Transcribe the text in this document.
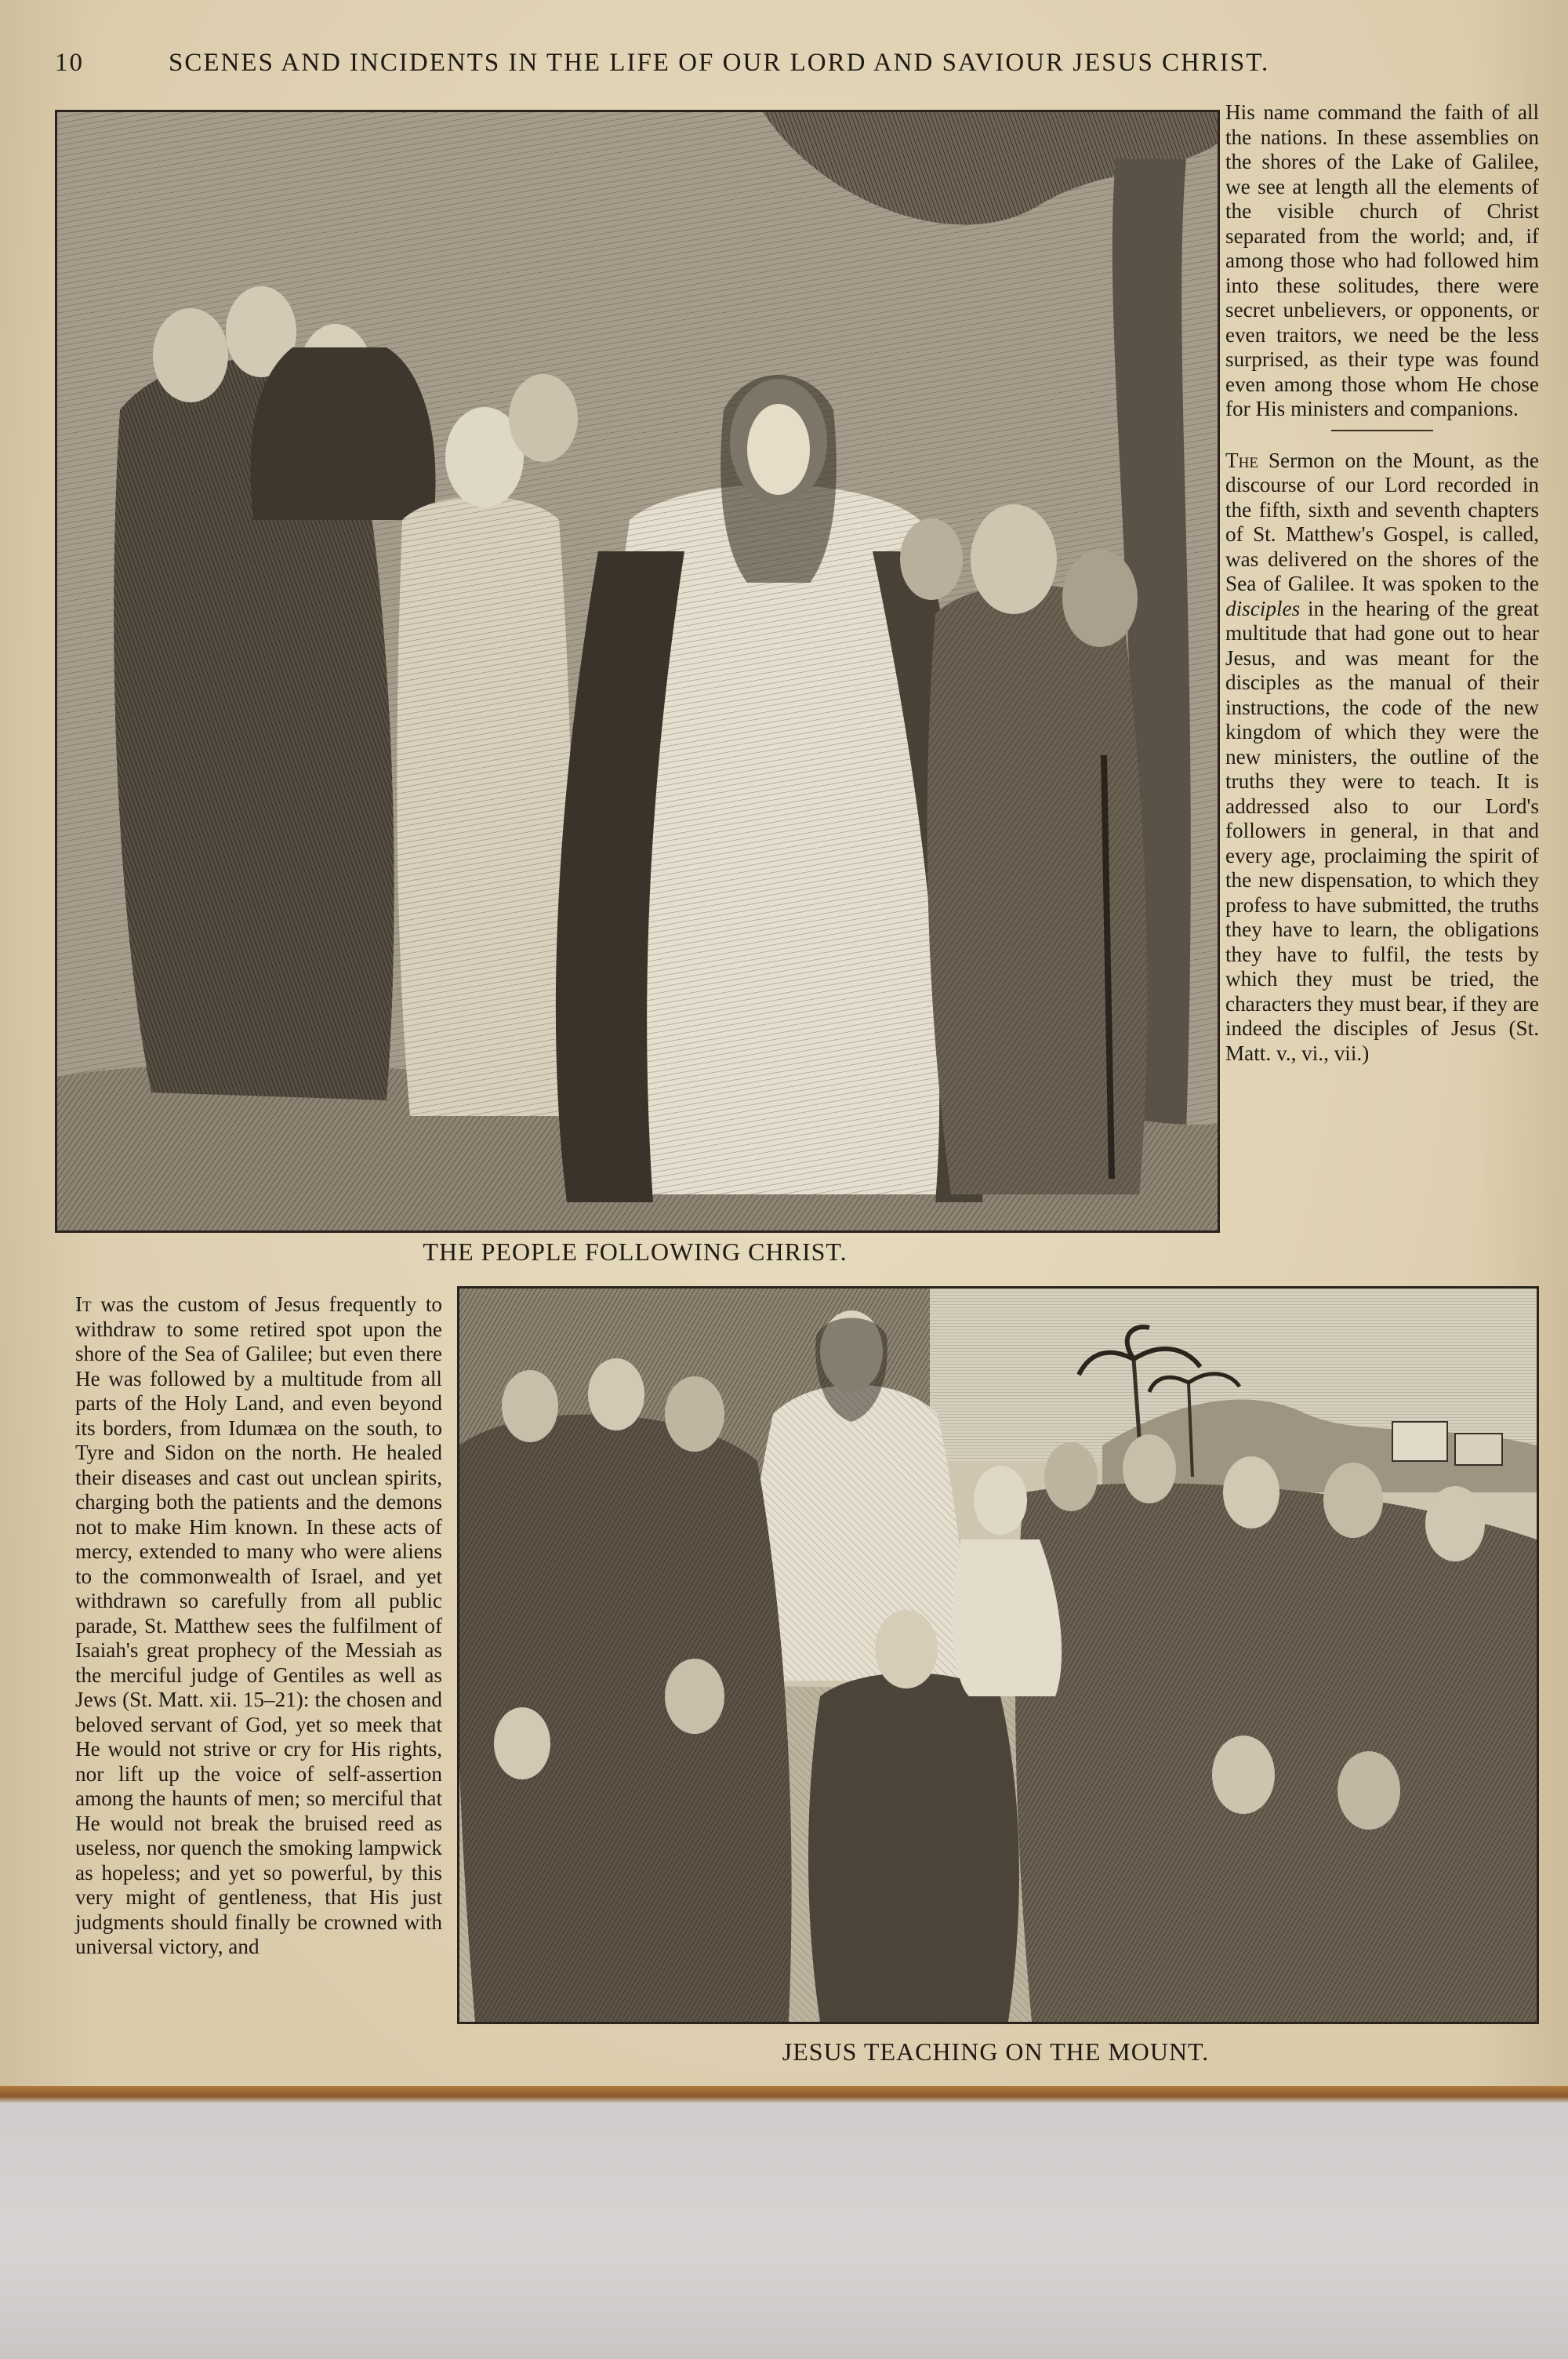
10	SCENES AND INCIDENTS IN THE LIFE OF OUR LORD AND SAVIOUR JESUS CHRIST.
THE PEOPLE FOLLOWING CHRIST.

His name command the faith of all the nations. In these assemblies on the shores of the Lake of Galilee, we see at length all the elements of the visible church of Christ separated from the world; and, if among those who had followed him into these solitudes, there were secret unbelievers, or opponents, or even traitors, we need be the less surprised, as their type was found even among those whom He chose for His ministers and companions.

The Sermon on the Mount, as the discourse of our Lord recorded in the fifth, sixth and seventh chapters of St. Matthew's Gospel, is called, was delivered on the shores of the Sea of Galilee. It was spoken to the disciples in the hearing of the great multitude that had gone out to hear Jesus, and was meant for the disciples as the manual of their instructions, the code of the new kingdom of which they were the new ministers, the outline of the truths they were to teach. It is addressed also to our Lord's followers in general, in that and every age, proclaiming the spirit of the new dispensation, to which they profess to have submitted, the truths they have to learn, the obligations they have to fulfil, the tests by which they must be tried, the characters they must bear, if they are indeed the disciples of Jesus (St. Matt. v., vi., vii.)

It was the custom of Jesus frequently to withdraw to some retired spot upon the shore of the Sea of Galilee; but even there He was followed by a multitude from all parts of the Holy Land, and even beyond its borders, from Idumæa on the south, to Tyre and Sidon on the north. He healed their diseases and cast out unclean spirits, charging both the patients and the demons not to make Him known. In these acts of mercy, extended to many who were aliens to the commonwealth of Israel, and yet withdrawn so carefully from all public parade, St. Matthew sees the fulfilment of Isaiah's great prophecy of the Messiah as the merciful judge of Gentiles as well as Jews (St. Matt. xii. 15–21): the chosen and beloved servant of God, yet so meek that He would not strive or cry for His rights, nor lift up the voice of self-assertion among the haunts of men; so merciful that He would not break the bruised reed as useless, nor quench the smoking lampwick as hopeless; and yet so powerful, by this very might of gentleness, that His just judgments should finally be crowned with universal victory, and

JESUS TEACHING ON THE MOUNT.
